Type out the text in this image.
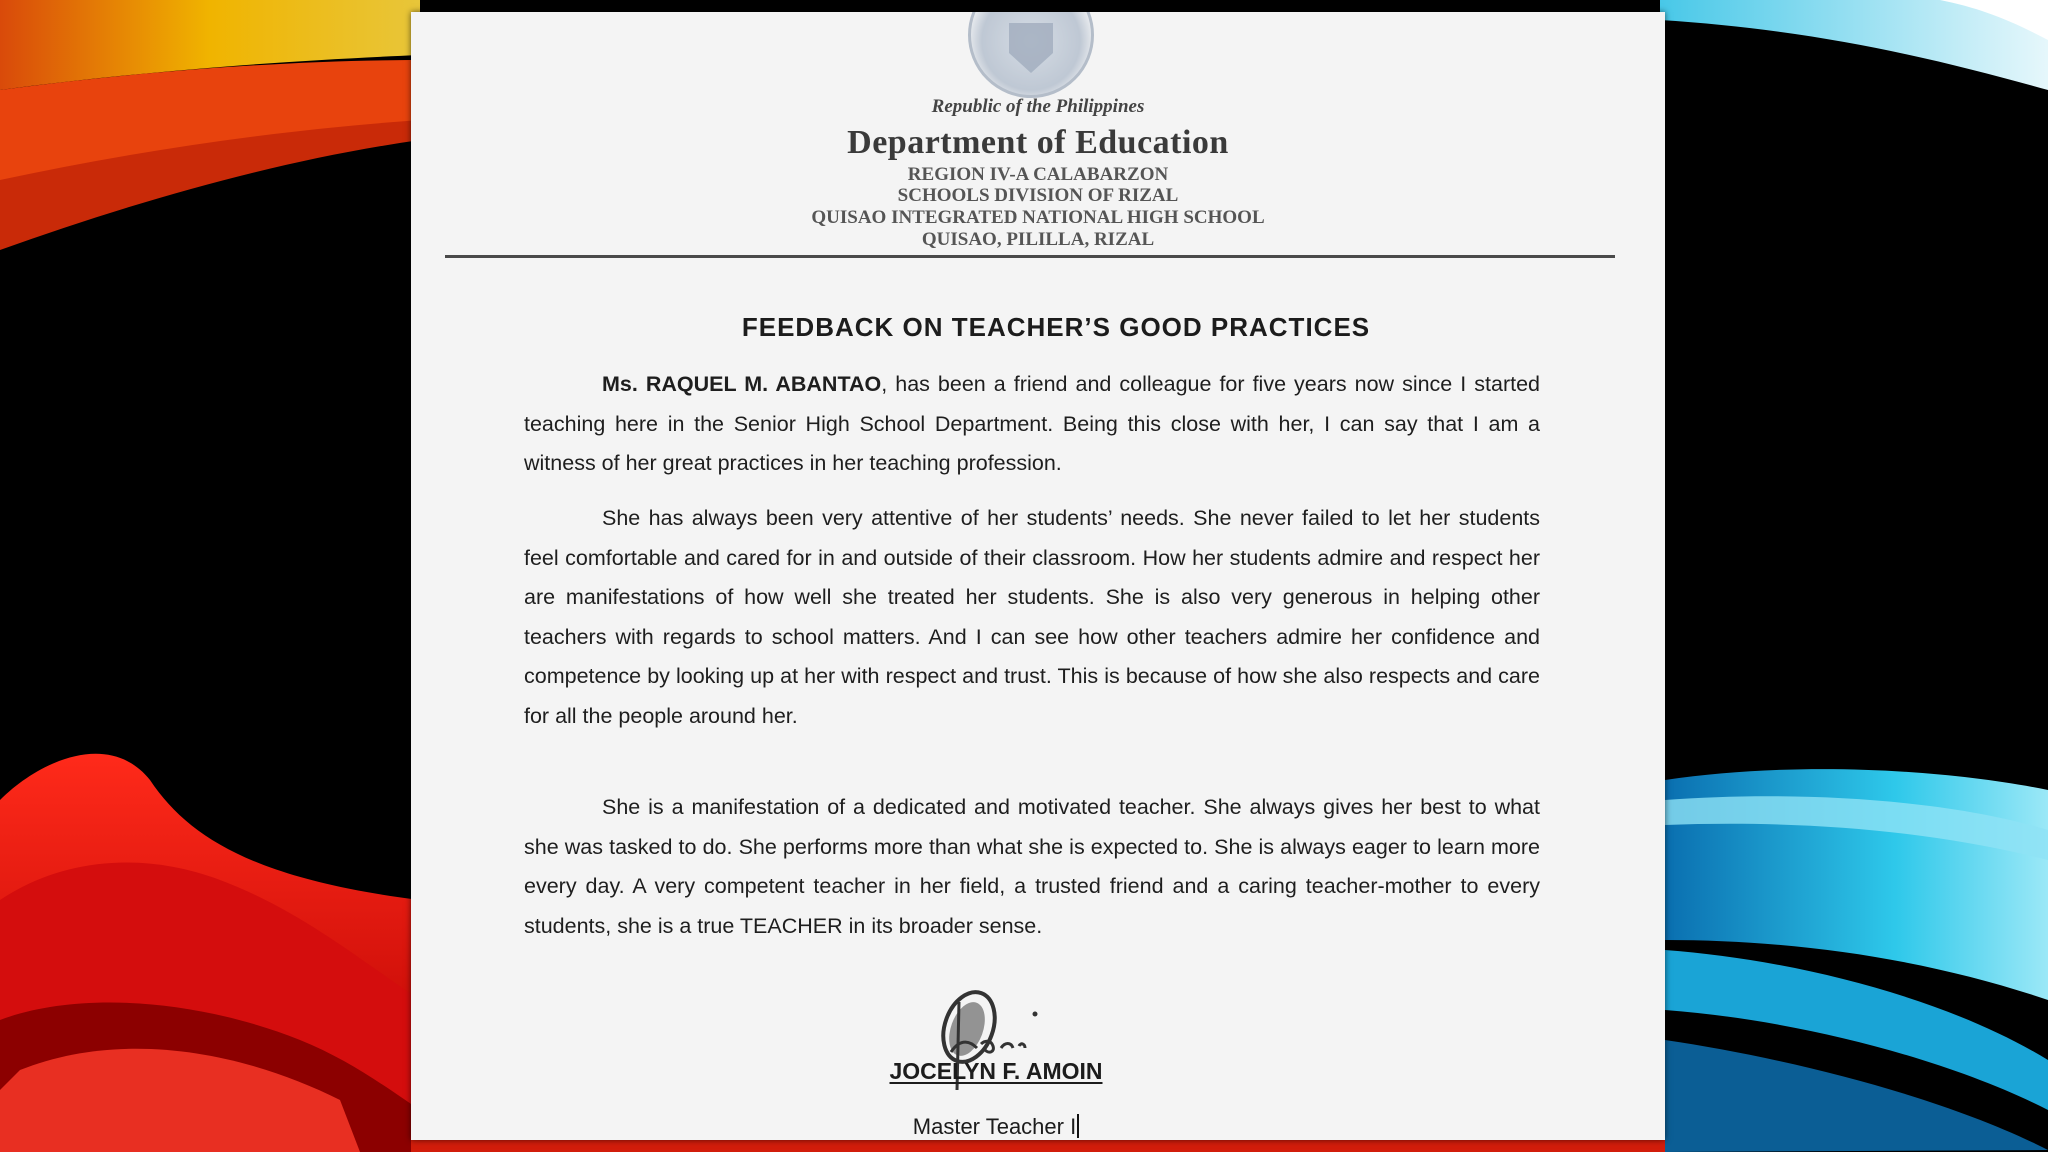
Republic of the Philippines
Department of Education
REGION IV-A CALABARZON
SCHOOLS DIVISION OF RIZAL
QUISAO INTEGRATED NATIONAL HIGH SCHOOL
QUISAO, PILILLA, RIZAL
FEEDBACK ON TEACHER’S GOOD PRACTICES

Ms. RAQUEL M. ABANTAO, has been a friend and colleague for five years now since I started teaching here in the Senior High School Department. Being this close with her, I can say that I am a witness of her great practices in her teaching profession.

She has always been very attentive of her students’ needs. She never failed to let her students feel comfortable and cared for in and outside of their classroom. How her students admire and respect her are manifestations of how well she treated her students. She is also very generous in helping other teachers with regards to school matters. And I can see how other teachers admire her confidence and competence by looking up at her with respect and trust. This is because of how she also respects and care for all the people around her.

She is a manifestation of a dedicated and motivated teacher. She always gives her best to what she was tasked to do. She performs more than what she is expected to. She is always eager to learn more every day. A very competent teacher in her field, a trusted friend and a caring teacher-mother to every students, she is a true TEACHER in its broader sense.

JOCELYN F. AMOIN
Master Teacher I
